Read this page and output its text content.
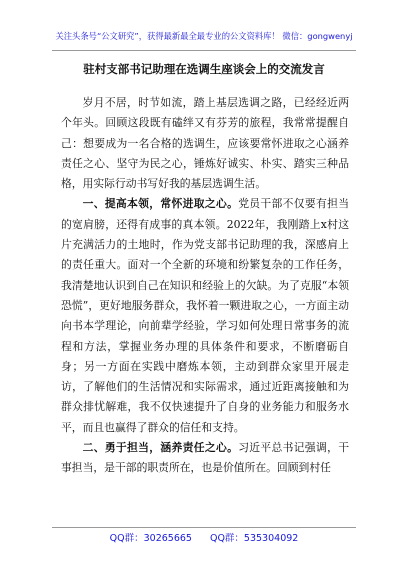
关注头条号“公文研究”，获得最新最全最专业的公文资料库！ 微信：gongwenyj
驻村支部书记助理在选调生座谈会上的交流发言

岁月不居，时节如流，踏上基层选调之路，已经经近两个年头。回顾这段既有磕绊又有芬芳的旅程，我常常提醒自己：想要成为一名合格的选调生，应该要常怀进取之心涵养责任之心、坚守为民之心，锤炼好诚实、朴实、踏实三种品格，用实际行动书写好我的基层选调生活。

一、提高本领，常怀进取之心。党员干部不仅要有担当的宽肩膀，还得有成事的真本领。2022年，我刚踏上x村这片充满活力的土地时，作为党支部书记助理的我，深感肩上的责任重大。面对一个全新的环境和纷繁复杂的工作任务，我清楚地认识到自己在知识和经验上的欠缺。为了克服“本领恐慌”，更好地服务群众，我怀着一颗进取之心，一方面主动向书本学理论，向前辈学经验，学习如何处理日常事务的流程和方法，掌握业务办理的具体条件和要求，不断磨砺自身；另一方面在实践中磨炼本领，主动到群众家里开展走访，了解他们的生活情况和实际需求，通过近距离接触和为群众排忧解难，我不仅快速提升了自身的业务能力和服务水平，而且也赢得了群众的信任和支持。

二、勇于担当，涵养责任之心。习近平总书记强调，干事担当，是干部的职责所在，也是价值所在。回顾到村任

QQ群：30265665 QQ群：535304092
